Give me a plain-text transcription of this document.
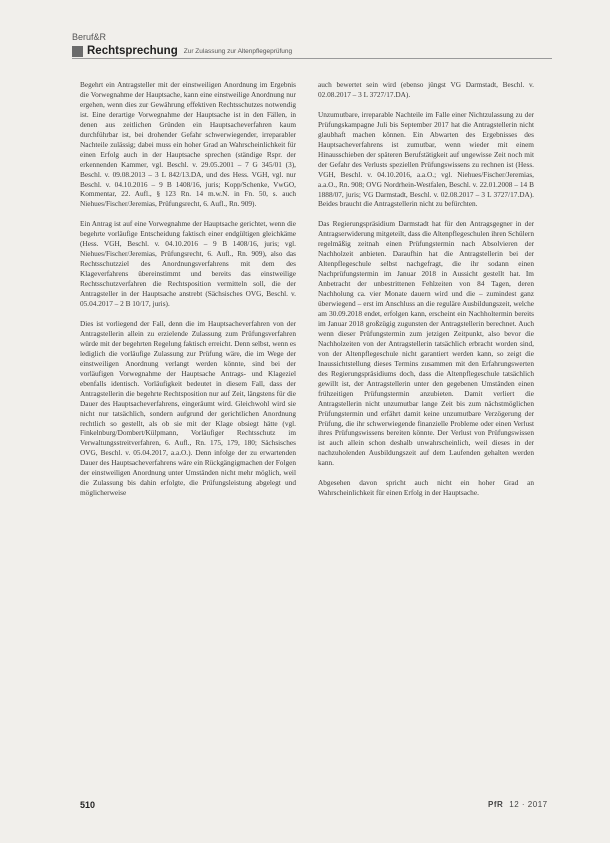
Beruf&R
Rechtsprechung Zur Zulassung zur Altenpflegeprüfung

Begehrt ein Antragsteller mit der einstweiligen Anordnung im Ergebnis die Vorwegnahme der Hauptsache, kann eine einstweilige Anordnung nur ergehen, wenn dies zur Gewährung effektiven Rechtsschutzes notwendig ist. Eine derartige Vorwegnahme der Hauptsache ist in den Fällen, in denen aus zeitlichen Gründen ein Hauptsacheverfahren kaum durchführbar ist, bei drohender Gefahr schwerwiegender, irreparabler Nachteile zulässig; dabei muss ein hoher Grad an Wahrscheinlichkeit für einen Erfolg auch in der Hauptsache sprechen (ständige Rspr. der erkennenden Kammer, vgl. Beschl. v. 29.05.2001 – 7 G 345/01 (3), Beschl. v. 09.08.2013 – 3 L 842/13.DA, und des Hess. VGH, vgl. nur Beschl. v. 04.10.2016 – 9 B 1408/16, juris; Kopp/Schenke, VwGO, Kommentar, 22. Aufl., § 123 Rn. 14 m.w.N. in Fn. 50, s. auch Niehues/Fischer/Jeremias, Prüfungsrecht, 6. Aufl., Rn. 909).

Ein Antrag ist auf eine Vorwegnahme der Hauptsache gerichtet, wenn die begehrte vorläufige Entscheidung faktisch einer endgültigen gleichkäme (Hess. VGH, Beschl. v. 04.10.2016 – 9 B 1408/16, juris; vgl. Niehues/Fischer/Jeremias, Prüfungsrecht, 6. Aufl., Rn. 909), also das Rechtsschutzziel des Anordnungsverfahrens mit dem des Klageverfahrens übereinstimmt und bereits das einstweilige Rechtsschutzverfahren die Rechtsposition vermitteln soll, die der Antragsteller in der Hauptsache anstrebt (Sächsisches OVG, Beschl. v. 05.04.2017 – 2 B 10/17, juris).

Dies ist vorliegend der Fall, denn die im Hauptsacheverfahren von der Antragstellerin allein zu erzielende Zulassung zum Prüfungsverfahren würde mit der begehrten Regelung faktisch erreicht. Denn selbst, wenn es lediglich die vorläufige Zulassung zur Prüfung wäre, die im Wege der einstweiligen Anordnung verlangt werden könnte, sind bei der vorläufigen Vorwegnahme der Hauptsache Antrags- und Klageziel ebenfalls identisch. Vorläufigkeit bedeutet in diesem Fall, dass der Antragstellerin die begehrte Rechtsposition nur auf Zeit, längstens für die Dauer des Hauptsacheverfahrens, eingeräumt wird. Gleichwohl wird sie nicht nur tatsächlich, sondern aufgrund der gerichtlichen Anordnung rechtlich so gestellt, als ob sie mit der Klage obsiegt hätte (vgl. Finkelnburg/Dombert/Külpmann, Vorläufiger Rechtsschutz im Verwaltungsstreitverfahren, 6. Aufl., Rn. 175, 179, 180; Sächsisches OVG, Beschl. v. 05.04.2017, a.a.O.). Denn infolge der zu erwartenden Dauer des Hauptsacheverfahrens wäre ein Rückgängigmachen der Folgen der einstweiligen Anordnung unter Umständen nicht mehr möglich, weil die Zulassung bis dahin erfolgte, die Prüfungsleistung abgelegt und möglicherweise

auch bewertet sein wird (ebenso jüngst VG Darmstadt, Beschl. v. 02.08.2017 – 3 L 3727/17.DA).

Unzumutbare, irreparable Nachteile im Falle einer Nichtzulassung zu der Prüfungskampagne Juli bis September 2017 hat die Antragstellerin nicht glaubhaft machen können. Ein Abwarten des Ergebnisses des Hauptsacheverfahrens ist zumutbar, wenn wieder mit einem Hinausschieben der späteren Berufstätigkeit auf ungewisse Zeit noch mit der Gefahr des Verlusts speziellen Prüfungswissens zu rechnen ist (Hess. VGH, Beschl. v. 04.10.2016, a.a.O.; vgl. Niehues/Fischer/Jeremias, a.a.O., Rn. 908; OVG Nordrhein-Westfalen, Beschl. v. 22.01.2008 – 14 B 1888/07, juris; VG Darmstadt, Beschl. v. 02.08.2017 – 3 L 3727/17.DA). Beides braucht die Antragstellerin nicht zu befürchten.

Das Regierungspräsidium Darmstadt hat für den Antragsgegner in der Antragserwiderung mitgeteilt, dass die Altenpflegeschulen ihren Schülern regelmäßig zeitnah einen Prüfungstermin nach Absolvieren der Nachholzeit anbieten. Daraufhin hat die Antragstellerin bei der Altenpflegeschule selbst nachgefragt, die ihr sodann einen Nachprüfungstermin im Januar 2018 in Aussicht gestellt hat. Im Anbetracht der unbestrittenen Fehlzeiten von 84 Tagen, deren Nachholung ca. vier Monate dauern wird und die – zumindest ganz überwiegend – erst im Anschluss an die reguläre Ausbildungszeit, welche am 30.09.2018 endet, erfolgen kann, erscheint ein Nachholtermin bereits im Januar 2018 großzügig zugunsten der Antragstellerin berechnet. Auch wenn dieser Prüfungstermin zum jetzigen Zeitpunkt, also bevor die Nachholzeiten von der Antragstellerin tatsächlich erbracht worden sind, von der Altenpflegeschule nicht garantiert werden kann, so zeigt die Inaussichtstellung dieses Termins zusammen mit den Erfahrungswerten des Regierungspräsidiums doch, dass die Altenpflegeschule tatsächlich gewillt ist, der Antragstellerin unter den gegebenen Umständen einen frühzeitigen Prüfungstermin anzubieten. Damit verliert die Antragstellerin nicht unzumutbar lange Zeit bis zum nächstmöglichen Prüfungstermin und erfährt damit keine unzumutbare Verzögerung der Prüfung, die ihr schwerwiegende finanzielle Probleme oder einen Verlust ihres Prüfungswissens bereiten könnte. Der Verlust von Prüfungswissen ist auch allein schon deshalb unwahrscheinlich, weil dieses in der nachzuholenden Ausbildungszeit auf dem Laufenden gehalten werden kann.

Abgesehen davon spricht auch nicht ein hoher Grad an Wahrscheinlichkeit für einen Erfolg in der Hauptsache.

510	PfR 12 · 2017
